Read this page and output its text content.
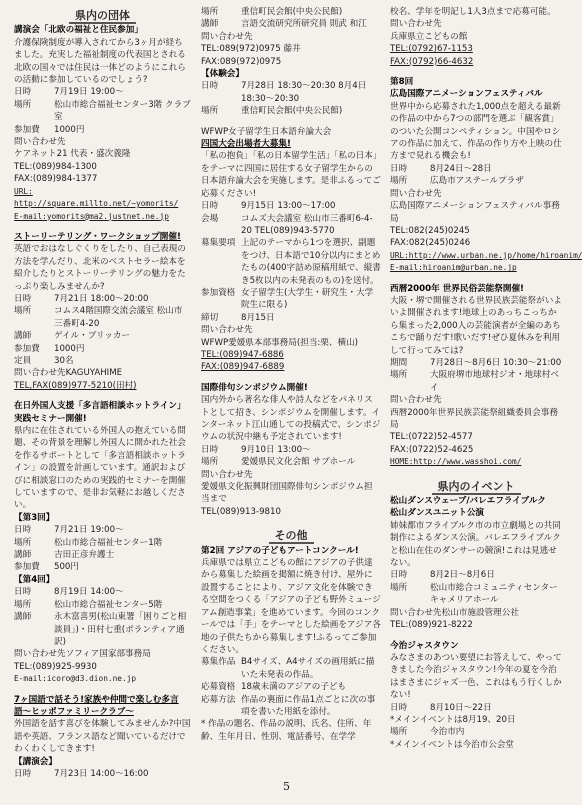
県内の団体
講演会「北欧の福祉と住民参加」
介護保険制度が導入されてから3ヶ月が経ちました。充実した福祉制度の代表国とされる北欧の国々では住民は一体どのようにこれらの活動に参加しているのでしょう?
日時	7月19日 19:00〜
場所	松山市総合福祉センター3階 クラブ室
参加費	1000円
問い合わせ先
ケアネット21 代表・盛次義隆
TEL:(089)984-1300
FAX:(089)984-1377
URL: http://square.millto.net/~yomorits/
E-mail:yomorits@ma2.justnet.ne.jp
ストーリーテリング・ワークショップ開催!
英語でおはなしぐくりをしたり、自己表現の方法を学んだり、北米のベストセラー絵本を紹介したりとストーリーテリングの魅力をたっぷり楽しみませんか?
日時	7月21日 18:00〜20:00
場所	コムス4階国際交流会議室 松山市三番町4-20
講師	ゲイル・ブリッカー
参加費	1000円
定員	30名
問い合わせ先 KAGUYAHIME
TEL,FAX(089)977-5210(田村)
在日外国人支援「多言語相談ホットライン」実践セミナー開催!
県内に在住されている外国人の抱えている問題、その背景を理解し外国人に開かれた社会を作るサポートとして「多言語相談ホットライン」の設置を計画しています。通訳およびびに相談窓口のための実践的セミナーを開催していますので、是非お気軽にお越しください。
【第3回】
日時	7月21日 19:00〜
場所	松山市総合福祉センター1階
講師	吉田正彦弁護士
参加費	500円
【第4回】
日時	8月19日 14:00〜
場所	松山市総合福祉センター5階
講師	永木富喜男(松山東署「困りごと相談員」)・田村七重(ボランティア通訳)
問い合わせ先 ソフィア国家部事務局
TEL:(089)925-9930
E-mail:icoro@d3.dion.ne.jp
7ヶ国語で話そう!家族や仲間で楽しむ多言語〜ヒッポファミリークラブ〜
外国語を話す喜びを体験してみませんか?中国語や英語、フランス語など聞いているだけでわくわくしてきます!
【講演会】
日時	7月23日 14:00〜16:00
場所	重信町民会館(中央公民館)
講師	言語交流研究所研究員 則武 和江
問い合わせ先
TEL:089(972)0975 藤井
FAX:089(972)0975
【体験会】
日時	7月28日 18:30〜20:30 8月4日 18:30〜20:30
場所	重信町民会館(中央公民館)
WFWP女子留学生日本語弁論大会
四国大会出場者大募集!
「私の抱負」「私の日本留学生活」「私の日本」をテーマに四国に居住する女子留学生からの日本語弁論大会を実施します。是非ふるってご応募ください!
日時	9月15日 13:00〜17:00
会場	コムズ大会議室 松山市三番町6-4-20 TEL(089)943-5770
募集要項 上記のテーマから1つを選択、副題をつけ、日本語で10分以内にまとめたもの(400字詰め原稿用紙で、縦書き5枚以内の未発表のもの)を送付。
参加資格 女子留学生(大学生・研究生・大学院生に限る)
締切	8月15日
問い合わせ先
WFWP愛媛県本部事務局(担当:栗、横山)
TEL:(089)947-6886
FAX:(089)947-6889
国際俳句シンポジウム開催!
国内外から著名な俳人や詩人などをパネリストとして招き、シンポジウムを開催します。インターネット江山通しての投稿式で、シンポジウムの状況中継も予定されています!
日時	9月10日 13:00〜
場所	愛媛県民文化会館 サブホール
問い合わせ先
愛媛県文化振興財団国際俳句シンポジウム担当まで
TEL(089)913-9810
その他
第2回 アジアの子どもアートコンクール!
兵庫県では県立こどもの館にアジアの子供達から募集した絵画を掲額に焼き付け、屋外に設置することにより、アジア文化を体験できる空間をつくる「アジアの子ども野外ミュージアム創造事業」を進めています。今回のコンクールでは「手」をテーマとした絵画をアジア各地の子供たちから募集します!ふるってご参加ください。
募集作品 B4サイズ、A4サイズの画用紙に描いた未発表の作品。
応募資格 18歳未満のアジアの子ども
応募方法 作品の裏面に作品1点ごとに次の事項を書いた用紙を添付。
* 作品の題名、作品の説明、氏名、住所、年齢、生年月日、性別、電話番号、在学学
校名、学年を明記し1人3点まで応募可能。
問い合わせ先
兵庫県立こどもの館
TEL:(0792)67-1153
FAX:(0792)66-4632
第8回
広島国際アニメーションフェスティバル
世界中から応募された1,000点を超える最新の作品の中から7つの部門を選ぶ「観客賞」のついた公開コンペティション。中国やロシアの作品に加えて、作品の作り方や上映の仕方まで見れる機会も!
日時	8月24日〜28日
場所	広島市アステールプラザ
問い合わせ先
広島国際アニメーションフェスティバル事務局
TEL:082(245)0245
FAX:082(245)0246
URL:http://www.urban.ne.jp/home/hiroanim/
E-mail:hiroanim@urban.ne.jp
西暦2000年 世界民俗芸能祭開催!
大阪・堺で開催される世界民族芸能祭がいよいよ開催されます!地球上のあっちこっちから集まった2,000人の芸能演者が全編のあちこちで踊りだす!歌いだす!ぜひ夏休みを利用して行ってみては?
期間	7月28日〜8月6日 10:30〜21:00
場所	大阪府堺市地球村ジオ・地球村ベイ
問い合わせ先
西暦2000年世界民族芸能祭組織委員会事務局
TEL:(0722)52-4577
FAX:(0722)52-4625
HOME:http://www.wasshoi.com/
県内のイベント
松山ダンスウェーブ/バレエフライブルク
松山ダンスユニット公演
姉妹都市フライブルク市の市立劇場との共同制作によるダンス公演。バレエフライブルクと松山在住のダンサーの競演!これは見逃せない。
日時	8月2日〜8月6日
場所	松山市総合コミュニティセンター キャメリアホール
問い合わせ先 松山市施設管理公社
TEL:(089)921-8222
今治ジャスタウン
みなさまのあつい要望にお答えして、やってきました今治ジャスタウン!今年の夏を今治はまさまにジャズ一色、これはもう行くしかない!
日時	8月10日〜22日
*メインイベントは8月19、20日
場所	今治市内
*メインイベントは今治市公会堂
5
